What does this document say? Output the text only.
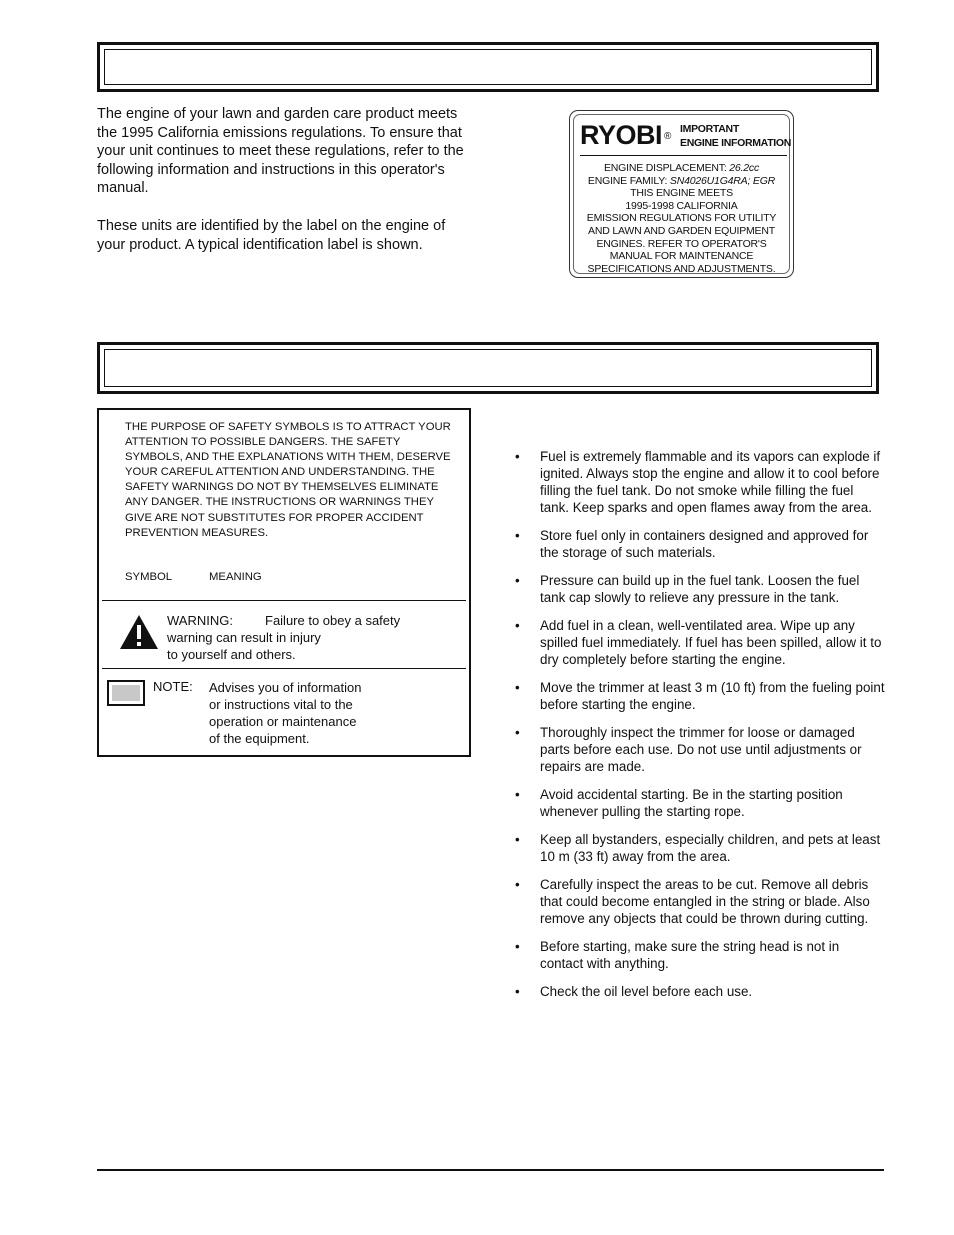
The engine of your lawn and garden care product meets the 1995 California emissions regulations. To ensure that your unit continues to meet these regulations, refer to the following information and instructions in this operator's manual.

These units are identified by the label on the engine of your product. A typical identification label is shown.

RYOBI ®
IMPORTANT
ENGINE INFORMATION
ENGINE DISPLACEMENT: 26.2cc
ENGINE FAMILY: SN4026U1G4RA; EGR
THIS ENGINE MEETS
1995-1998 CALIFORNIA
EMISSION REGULATIONS FOR UTILITY
AND LAWN AND GARDEN EQUIPMENT
ENGINES. REFER TO OPERATOR'S
MANUAL FOR MAINTENANCE
SPECIFICATIONS AND ADJUSTMENTS.

THE PURPOSE OF SAFETY SYMBOLS IS TO ATTRACT YOUR ATTENTION TO POSSIBLE DANGERS. THE SAFETY SYMBOLS, AND THE EXPLANATIONS WITH THEM, DESERVE YOUR CAREFUL ATTENTION AND UNDERSTANDING. THE SAFETY WARNINGS DO NOT BY THEMSELVES ELIMINATE ANY DANGER. THE INSTRUCTIONS OR WARNINGS THEY GIVE ARE NOT SUBSTITUTES FOR PROPER ACCIDENT PREVENTION MEASURES.

SYMBOL	MEANING
WARNING: Failure to obey a safety
warning can result in injury
to yourself and others.
NOTE: Advises you of information
or instructions vital to the
operation or maintenance
of the equipment.
• Fuel is extremely flammable and its vapors can explode if ignited. Always stop the engine and allow it to cool before filling the fuel tank. Do not smoke while filling the fuel tank. Keep sparks and open flames away from the area.
• Store fuel only in containers designed and approved for the storage of such materials.
• Pressure can build up in the fuel tank. Loosen the fuel tank cap slowly to relieve any pressure in the tank.
• Add fuel in a clean, well-ventilated area. Wipe up any spilled fuel immediately. If fuel has been spilled, allow it to dry completely before starting the engine.
• Move the trimmer at least 3 m (10 ft) from the fueling point before starting the engine.
• Thoroughly inspect the trimmer for loose or damaged parts before each use. Do not use until adjustments or repairs are made.
• Avoid accidental starting. Be in the starting position whenever pulling the starting rope.
• Keep all bystanders, especially children, and pets at least 10 m (33 ft) away from the area.
• Carefully inspect the areas to be cut. Remove all debris that could become entangled in the string or blade. Also remove any objects that could be thrown during cutting.
• Before starting, make sure the string head is not in contact with anything.
• Check the oil level before each use.
